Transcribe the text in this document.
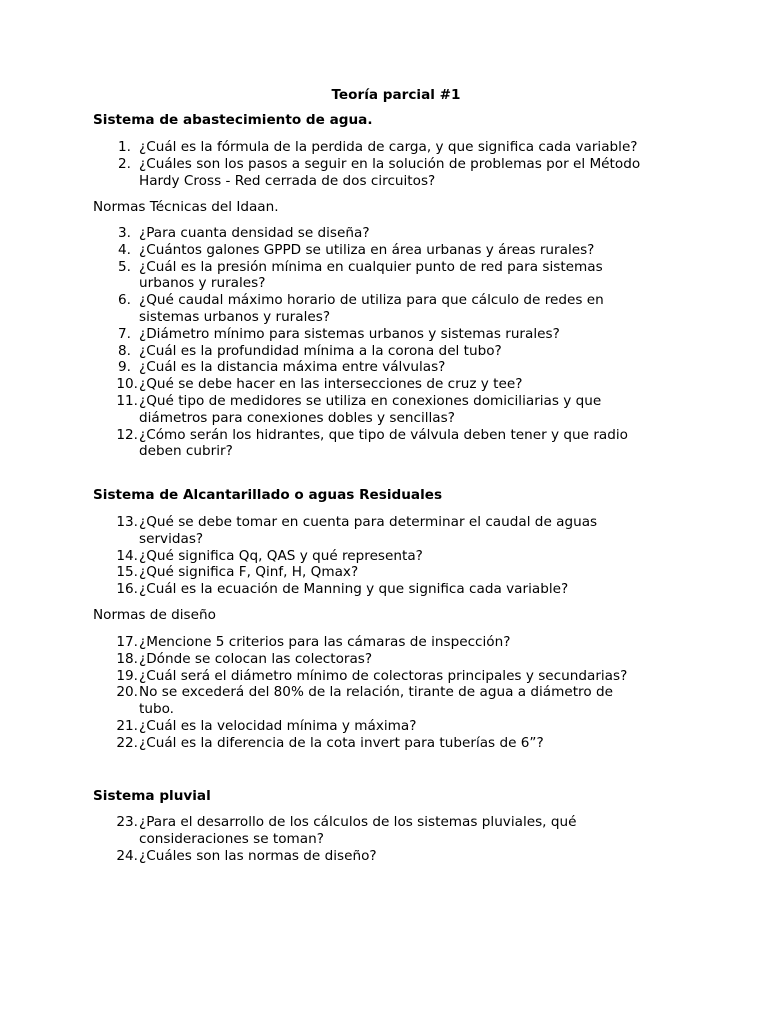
Teoría parcial #1
Sistema de abastecimiento de agua.
1. ¿Cuál es la fórmula de la perdida de carga, y que significa cada variable?
2. ¿Cuáles son los pasos a seguir en la solución de problemas por el Método
Hardy Cross - Red cerrada de dos circuitos?
Normas Técnicas del Idaan.
3. ¿Para cuanta densidad se diseña?
4. ¿Cuántos galones GPPD se utiliza en área urbanas y áreas rurales?
5. ¿Cuál es la presión mínima en cualquier punto de red para sistemas
urbanos y rurales?
6. ¿Qué caudal máximo horario de utiliza para que cálculo de redes en
sistemas urbanos y rurales?
7. ¿Diámetro mínimo para sistemas urbanos y sistemas rurales?
8. ¿Cuál es la profundidad mínima a la corona del tubo?
9. ¿Cuál es la distancia máxima entre válvulas?
10. ¿Qué se debe hacer en las intersecciones de cruz y tee?
11. ¿Qué tipo de medidores se utiliza en conexiones domiciliarias y que
diámetros para conexiones dobles y sencillas?
12. ¿Cómo serán los hidrantes, que tipo de válvula deben tener y que radio
deben cubrir?
Sistema de Alcantarillado o aguas Residuales
13. ¿Qué se debe tomar en cuenta para determinar el caudal de aguas
servidas?
14. ¿Qué significa Qq, QAS y qué representa?
15. ¿Qué significa F, Qinf, H, Qmax?
16. ¿Cuál es la ecuación de Manning y que significa cada variable?
Normas de diseño
17. ¿Mencione 5 criterios para las cámaras de inspección?
18. ¿Dónde se colocan las colectoras?
19. ¿Cuál será el diámetro mínimo de colectoras principales y secundarias?
20. No se excederá del 80% de la relación, tirante de agua a diámetro de
tubo.
21. ¿Cuál es la velocidad mínima y máxima?
22. ¿Cuál es la diferencia de la cota invert para tuberías de 6”?
Sistema pluvial
23. ¿Para el desarrollo de los cálculos de los sistemas pluviales, qué
consideraciones se toman?
24. ¿Cuáles son las normas de diseño?
